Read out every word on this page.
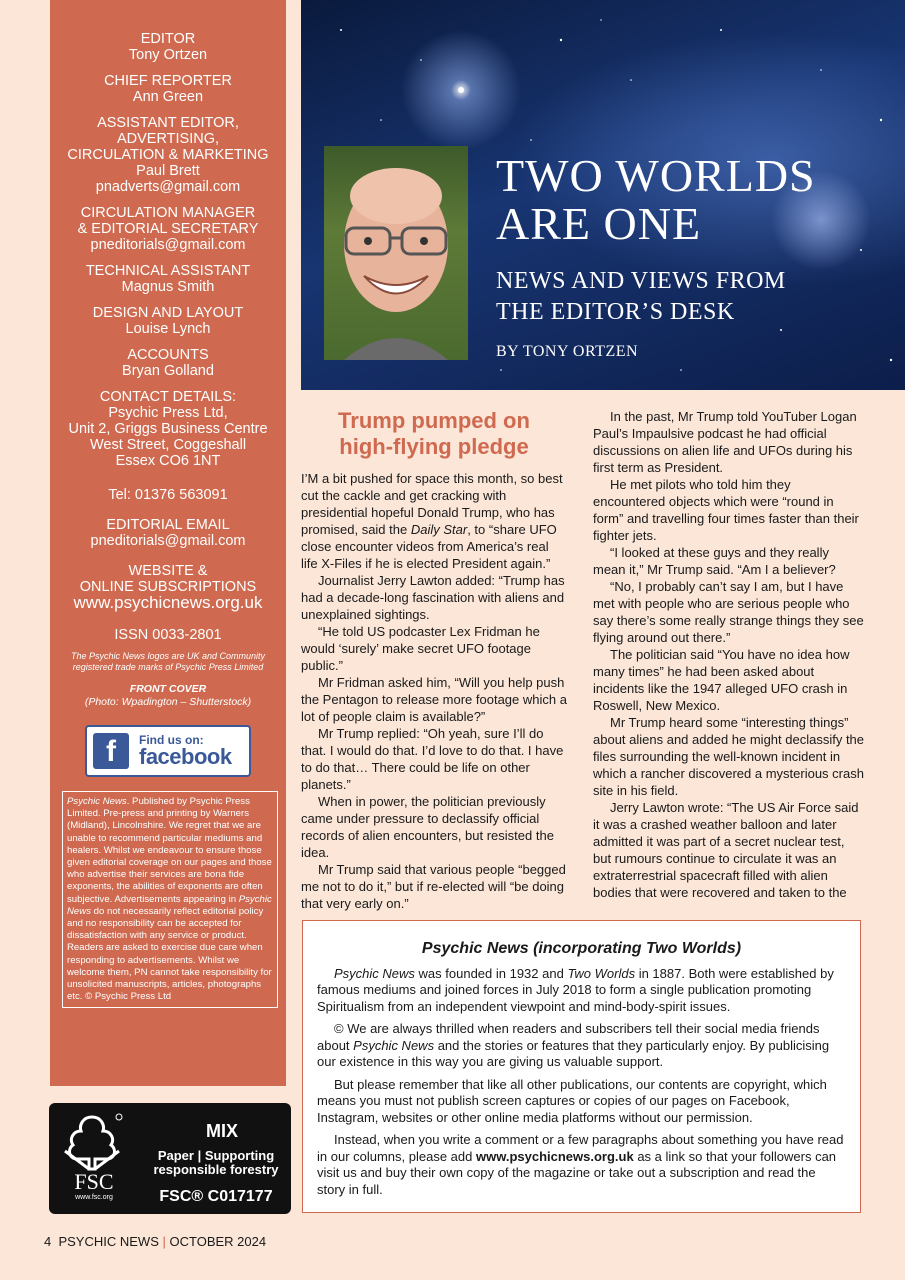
EDITOR
Tony Ortzen
CHIEF REPORTER
Ann Green
ASSISTANT EDITOR,
ADVERTISING,
CIRCULATION & MARKETING
Paul Brett
pnadverts@gmail.com
CIRCULATION MANAGER
& EDITORIAL SECRETARY
pneditorials@gmail.com
TECHNICAL ASSISTANT
Magnus Smith
DESIGN AND LAYOUT
Louise Lynch
ACCOUNTS
Bryan Golland
CONTACT DETAILS:
Psychic Press Ltd,
Unit 2, Griggs Business Centre
West Street, Coggeshall
Essex CO6 1NT
Tel: 01376 563091
EDITORIAL EMAIL
pneditorials@gmail.com
WEBSITE &
ONLINE SUBSCRIPTIONS
www.psychicnews.org.uk
ISSN 0033-2801
The Psychic News logos are UK and Community registered trade marks of Psychic Press Limited
FRONT COVER
(Photo: Wpadington – Shutterstock)
f	Find us on:
facebook

Psychic News. Published by Psychic Press Limited. Pre-press and printing by Warners (Midland), Lincolnshire. We regret that we are unable to recommend particular mediums and healers. Whilst we endeavour to ensure those given editorial coverage on our pages and those who advertise their services are bona fide exponents, the abilities of exponents are often subjective. Advertisements appearing in Psychic News do not necessarily reflect editorial policy and no responsibility can be accepted for dissatisfaction with any service or product. Readers are asked to exercise due care when responding to advertisements. Whilst we welcome them, PN cannot take responsibility for unsolicited manuscripts, articles, photographs etc. © Psychic Press Ltd

FSC
www.fsc.org
MIX
Paper | Supporting
responsible forestry
FSC® C017177
TWO WORLDS
ARE ONE
NEWS AND VIEWS FROM
THE EDITOR’S DESK
BY TONY ORTZEN
Trump pumped on
high-flying pledge

I’M a bit pushed for space this month, so best cut the cackle and get cracking with presidential hopeful Donald Trump, who has promised, said the Daily Star, to “share UFO close encounter videos from America’s real life X-Files if he is elected President again.”

Journalist Jerry Lawton added: “Trump has had a decade-long fascination with aliens and unexplained sightings.

“He told US podcaster Lex Fridman he would ‘surely’ make secret UFO footage public.”

Mr Fridman asked him, “Will you help push the Pentagon to release more footage which a lot of people claim is available?”

Mr Trump replied: “Oh yeah, sure I’ll do that. I would do that. I’d love to do that. I have to do that… There could be life on other planets.”

When in power, the politician previously came under pressure to declassify official records of alien encounters, but resisted the idea.

Mr Trump said that various people “begged me not to do it,” but if re-elected will “be doing that very early on.”

In the past, Mr Trump told YouTuber Logan Paul’s Impaulsive podcast he had official discussions on alien life and UFOs during his first term as President.

He met pilots who told him they encountered objects which were “round in form” and travelling four times faster than their fighter jets.

“I looked at these guys and they really mean it,” Mr Trump said. “Am I a believer?

“No, I probably can’t say I am, but I have met with people who are serious people who say there’s some really strange things they see flying around out there.”

The politician said “You have no idea how many times” he had been asked about incidents like the 1947 alleged UFO crash in Roswell, New Mexico.

Mr Trump heard some “interesting things” about aliens and added he might declassify the files surrounding the well-known incident in which a rancher discovered a mysterious crash site in his field.

Jerry Lawton wrote: “The US Air Force said it was a crashed weather balloon and later admitted it was part of a secret nuclear test, but rumours continue to circulate it was an extraterrestrial spacecraft filled with alien bodies that were recovered and taken to the

Psychic News (incorporating Two Worlds)

Psychic News was founded in 1932 and Two Worlds in 1887. Both were established by famous mediums and joined forces in July 2018 to form a single publication promoting Spiritualism from an independent viewpoint and mind-body-spirit issues.

© We are always thrilled when readers and subscribers tell their social media friends about Psychic News and the stories or features that they particularly enjoy. By publicising our existence in this way you are giving us valuable support.

But please remember that like all other publications, our contents are copyright, which means you must not publish screen captures or copies of our pages on Facebook, Instagram, websites or other online media platforms without our permission.

Instead, when you write a comment or a few paragraphs about something you have read in our columns, please add www.psychicnews.org.uk as a link so that your followers can visit us and buy their own copy of the magazine or take out a subscription and read the story in full.

4 PSYCHIC NEWS | OCTOBER 2024
